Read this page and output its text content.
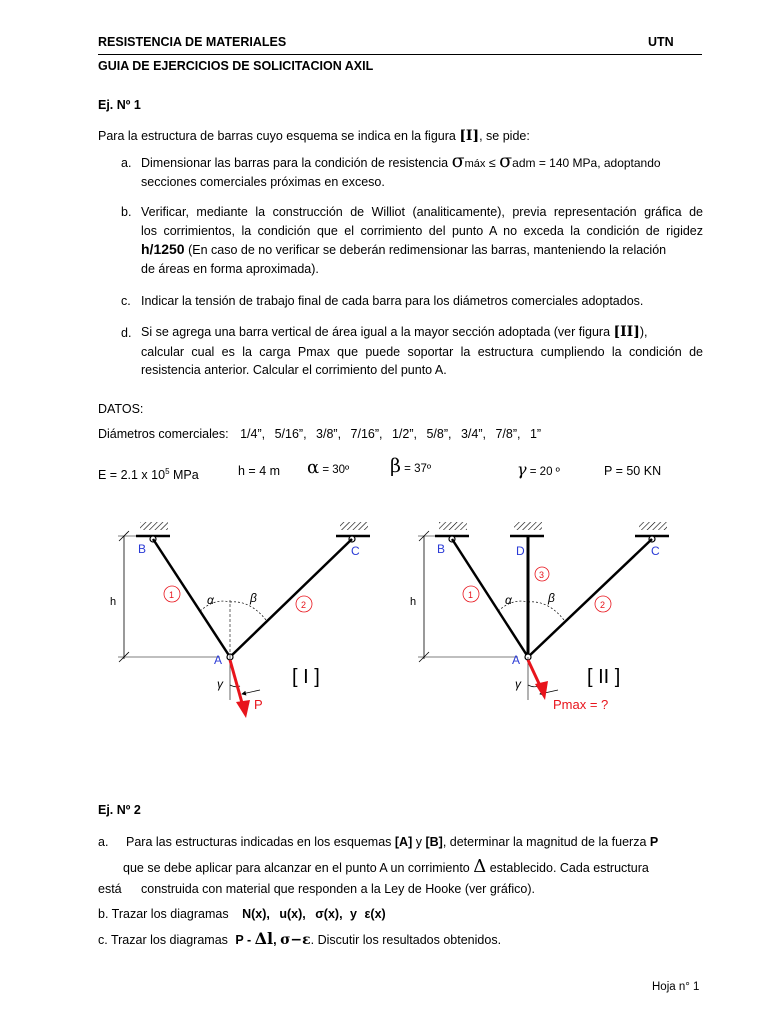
RESISTENCIA DE MATERIALES	UTN
GUIA DE EJERCICIOS DE SOLICITACION AXIL
Ej. Nº 1
Para la estructura de barras cuyo esquema se indica en la figura [I], se pide:
a. Dimensionar las barras para la condición de resistencia σmáx ≤ σadm = 140 MPa, adoptando
secciones comerciales próximas en exceso.
b. Verificar, mediante la construcción de Williot (analiticamente), previa representación gráfica de
los corrimientos, la condición que el corrimiento del punto A no exceda la condición de rigidez
h/1250 (En caso de no verificar se deberán redimensionar las barras, manteniendo la relación
de áreas en forma aproximada).
c. Indicar la tensión de trabajo final de cada barra para los diámetros comerciales adoptados.
d. Si se agrega una barra vertical de área igual a la mayor sección adoptada (ver figura [II]),
calcular cual es la carga Pmax que puede soportar la estructura cumpliendo la condición de
resistencia anterior. Calcular el corrimiento del punto A.
DATOS:
Diámetros comerciales: 1/4”, 5/16”, 3/8”, 7/16”, 1/2”, 5/8”, 3/4”, 7/8”, 1”
E = 2.1 x $10^5$ MPa	h = 4 m α = 30º β = 37º	γ = 20 º	P = 50 KN
B	C
A
h
1
2
α	β
γ
P
[ I ]
B	D	C
A
h
1
2
3
α	β
γ
Pmax = ?
[ II ]
Ej. Nº 2
a. Para las estructuras indicadas en los esquemas [A] y [B], determinar la magnitud de la fuerza P
que se debe aplicar para alcanzar en el punto A un corrimiento Δ establecido. Cada estructura
está construida con material que responden a la Ley de Hooke (ver gráfico).
b. Trazar los diagramas N(x), u(x), σ(x), y ε(x)
c. Trazar los diagramas P - Δl, σ−ε. Discutir los resultados obtenidos.
Hoja n° 1
